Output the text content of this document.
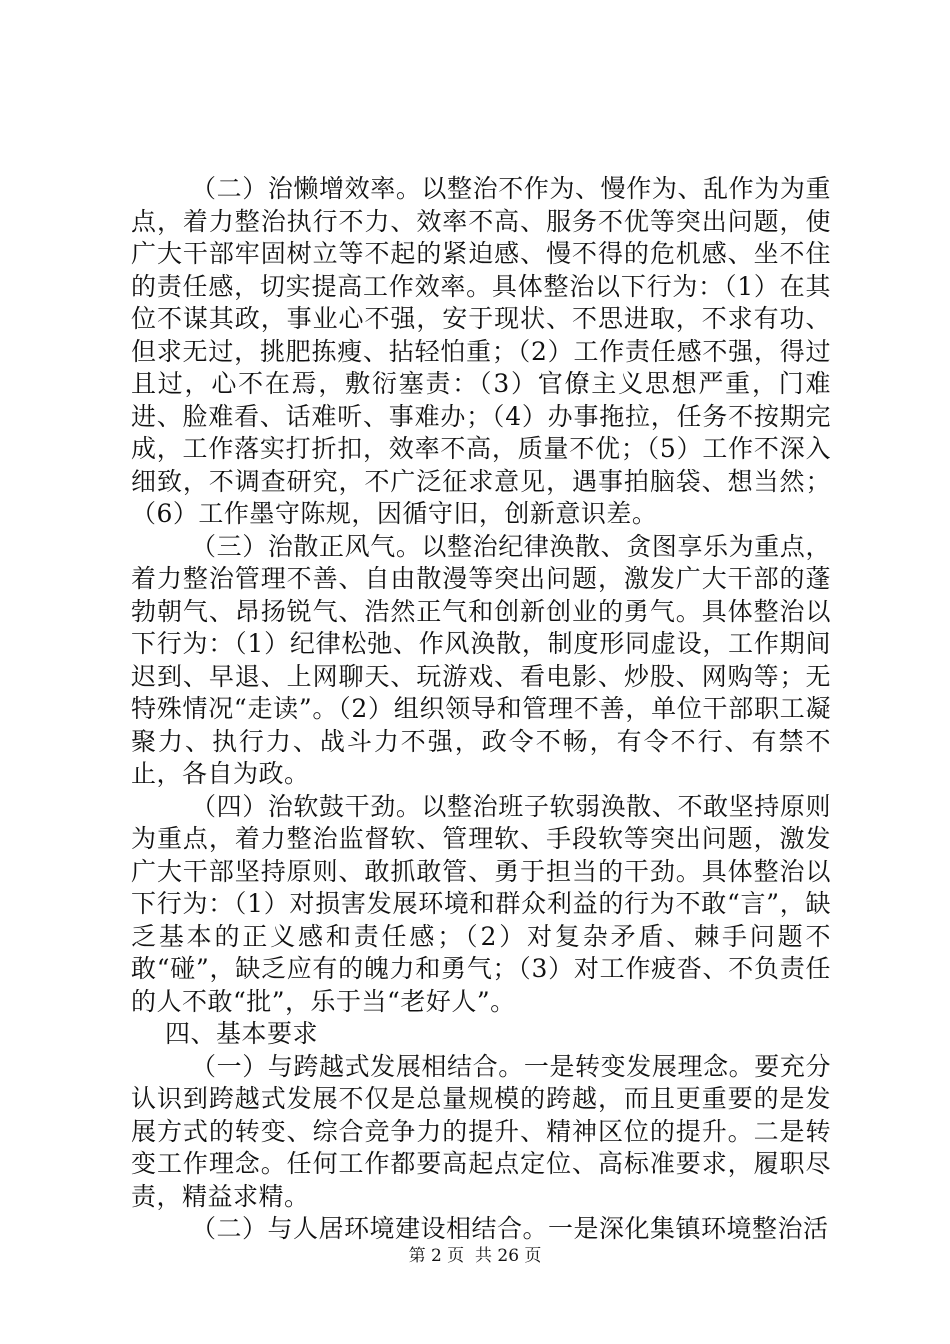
（二）治懒增效率。以整治不作为、慢作为、乱作为为重点，着力整治执行不力、效率不高、服务不优等突出问题，使广大干部牢固树立等不起的紧迫感、慢不得的危机感、坐不住的责任感，切实提高工作效率。具体整治以下行为：（1）在其位不谋其政，事业心不强，安于现状、不思进取，不求有功、但求无过，挑肥拣瘦、拈轻怕重；（2）工作责任感不强，得过且过，心不在焉，敷衍塞责：（3）官僚主义思想严重，门难进、脸难看、话难听、事难办；（4）办事拖拉，任务不按期完成，工作落实打折扣，效率不高，质量不优；（5）工作不深入细致，不调查研究，不广泛征求意见，遇事拍脑袋、想当然；（6）工作墨守陈规，因循守旧，创新意识差。

（三）治散正风气。以整治纪律涣散、贪图享乐为重点，着力整治管理不善、自由散漫等突出问题，激发广大干部的蓬勃朝气、昂扬锐气、浩然正气和创新创业的勇气。具体整治以下行为：（1）纪律松弛、作风涣散，制度形同虚设，工作期间迟到、早退、上网聊天、玩游戏、看电影、炒股、网购等；无特殊情况“走读”。（2）组织领导和管理不善，单位干部职工凝聚力、执行力、战斗力不强，政令不畅，有令不行、有禁不止，各自为政。

（四）治软鼓干劲。以整治班子软弱涣散、不敢坚持原则为重点，着力整治监督软、管理软、手段软等突出问题，激发广大干部坚持原则、敢抓敢管、勇于担当的干劲。具体整治以下行为：（1）对损害发展环境和群众利益的行为不敢“言”，缺乏基本的正义感和责任感；（2）对复杂矛盾、棘手问题不敢“碰”，缺乏应有的魄力和勇气；（3）对工作疲沓、不负责任的人不敢“批”，乐于当“老好人”。

四、基本要求

（一）与跨越式发展相结合。一是转变发展理念。要充分认识到跨越式发展不仅是总量规模的跨越，而且更重要的是发展方式的转变、综合竞争力的提升、精神区位的提升。二是转变工作理念。任何工作都要高起点定位、高标准要求，履职尽责，精益求精。

（二）与人居环境建设相结合。一是深化集镇环境整治活

第 2 页  共 26 页
